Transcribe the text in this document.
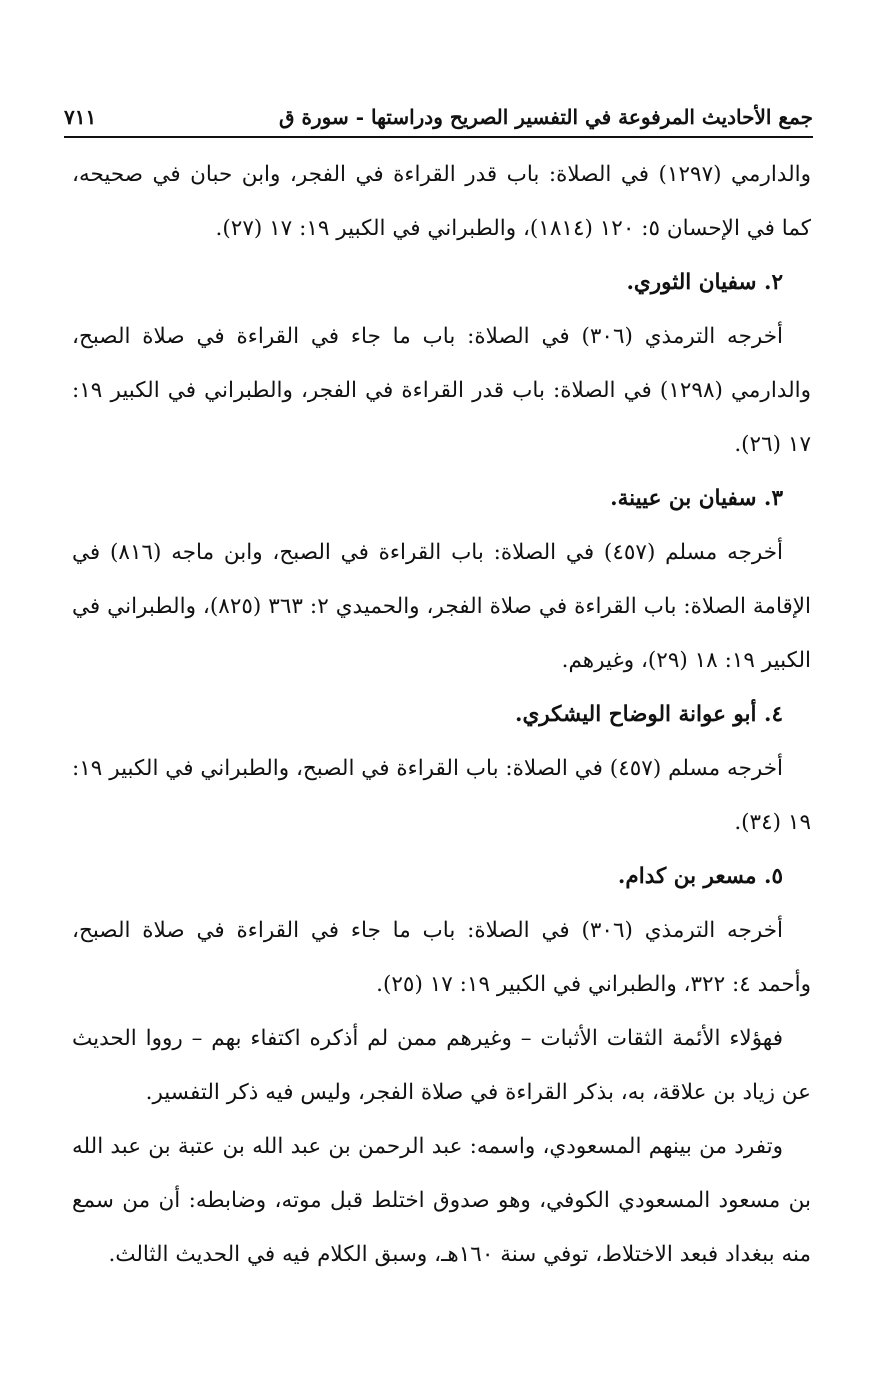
جمع الأحاديث المرفوعة في التفسير الصريح ودراستها - سورة ق
٧١١

والدارمي (١٢٩٧) في الصلاة: باب قدر القراءة في الفجر، وابن حبان في صحيحه، كما في الإحسان ٥: ١٢٠ (١٨١٤)، والطبراني في الكبير ١٩: ١٧ (٢٧).

٢. سفيان الثوري.

أخرجه الترمذي (٣٠٦) في الصلاة: باب ما جاء في القراءة في صلاة الصبح، والدارمي (١٢٩٨) في الصلاة: باب قدر القراءة في الفجر، والطبراني في الكبير ١٩: ١٧ (٢٦).

٣. سفيان بن عيينة.

أخرجه مسلم (٤٥٧) في الصلاة: باب القراءة في الصبح، وابن ماجه (٨١٦) في الإقامة الصلاة: باب القراءة في صلاة الفجر، والحميدي ٢: ٣٦٣ (٨٢٥)، والطبراني في الكبير ١٩: ١٨ (٢٩)، وغيرهم.

٤. أبو عوانة الوضاح اليشكري.

أخرجه مسلم (٤٥٧) في الصلاة: باب القراءة في الصبح، والطبراني في الكبير ١٩: ١٩ (٣٤).

٥. مسعر بن كدام.

أخرجه الترمذي (٣٠٦) في الصلاة: باب ما جاء في القراءة في صلاة الصبح، وأحمد ٤: ٣٢٢، والطبراني في الكبير ١٩: ١٧ (٢٥).

فهؤلاء الأئمة الثقات الأثبات – وغيرهم ممن لم أذكره اكتفاء بهم – رووا الحديث عن زياد بن علاقة، به، بذكر القراءة في صلاة الفجر، وليس فيه ذكر التفسير.

وتفرد من بينهم المسعودي، واسمه: عبد الرحمن بن عبد الله بن عتبة بن عبد الله بن مسعود المسعودي الكوفي، وهو صدوق اختلط قبل موته، وضابطه: أن من سمع منه ببغداد فبعد الاختلاط، توفي سنة ١٦٠هـ، وسبق الكلام فيه في الحديث الثالث.
